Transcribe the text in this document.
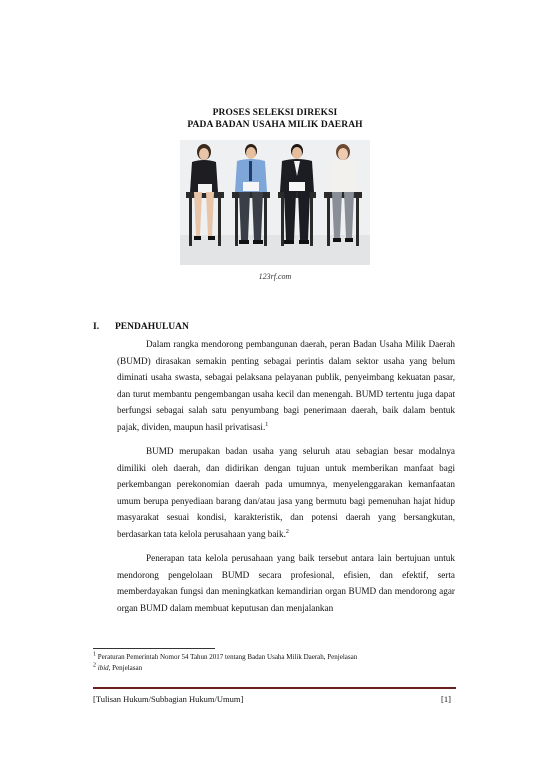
PROSES SELEKSI DIREKSI
PADA BADAN USAHA MILIK DAERAH
123rf.com
I. PENDAHULUAN

Dalam rangka mendorong pembangunan daerah, peran Badan Usaha Milik Daerah (BUMD) dirasakan semakin penting sebagai perintis dalam sektor usaha yang belum diminati usaha swasta, sebagai pelaksana pelayanan publik, penyeimbang kekuatan pasar, dan turut membantu pengembangan usaha kecil dan menengah. BUMD tertentu juga dapat berfungsi sebagai salah satu penyumbang bagi penerimaan daerah, baik dalam bentuk pajak, dividen, maupun hasil privatisasi.$^1$

BUMD merupakan badan usaha yang seluruh atau sebagian besar modalnya dimiliki oleh daerah, dan didirikan dengan tujuan untuk memberikan manfaat bagi perkembangan perekonomian daerah pada umumnya, menyelenggarakan kemanfaatan umum berupa penyediaan barang dan/atau jasa yang bermutu bagi pemenuhan hajat hidup masyarakat sesuai kondisi, karakteristik, dan potensi daerah yang bersangkutan, berdasarkan tata kelola perusahaan yang baik.$^2$

Penerapan tata kelola perusahaan yang baik tersebut antara lain bertujuan untuk mendorong pengelolaan BUMD secara profesional, efisien, dan efektif, serta memberdayakan fungsi dan meningkatkan kemandirian organ BUMD dan mendorong agar organ BUMD dalam membuat keputusan dan menjalankan

$^1$ Peraturan Pemerintah Nomor 54 Tahun 2017 tentang Badan Usaha Milik Daerah, Penjelasan
$^2$ ibid, Penjelasan
[Tulisan Hukum/Subbagian Hukum/Umum]	[1]
